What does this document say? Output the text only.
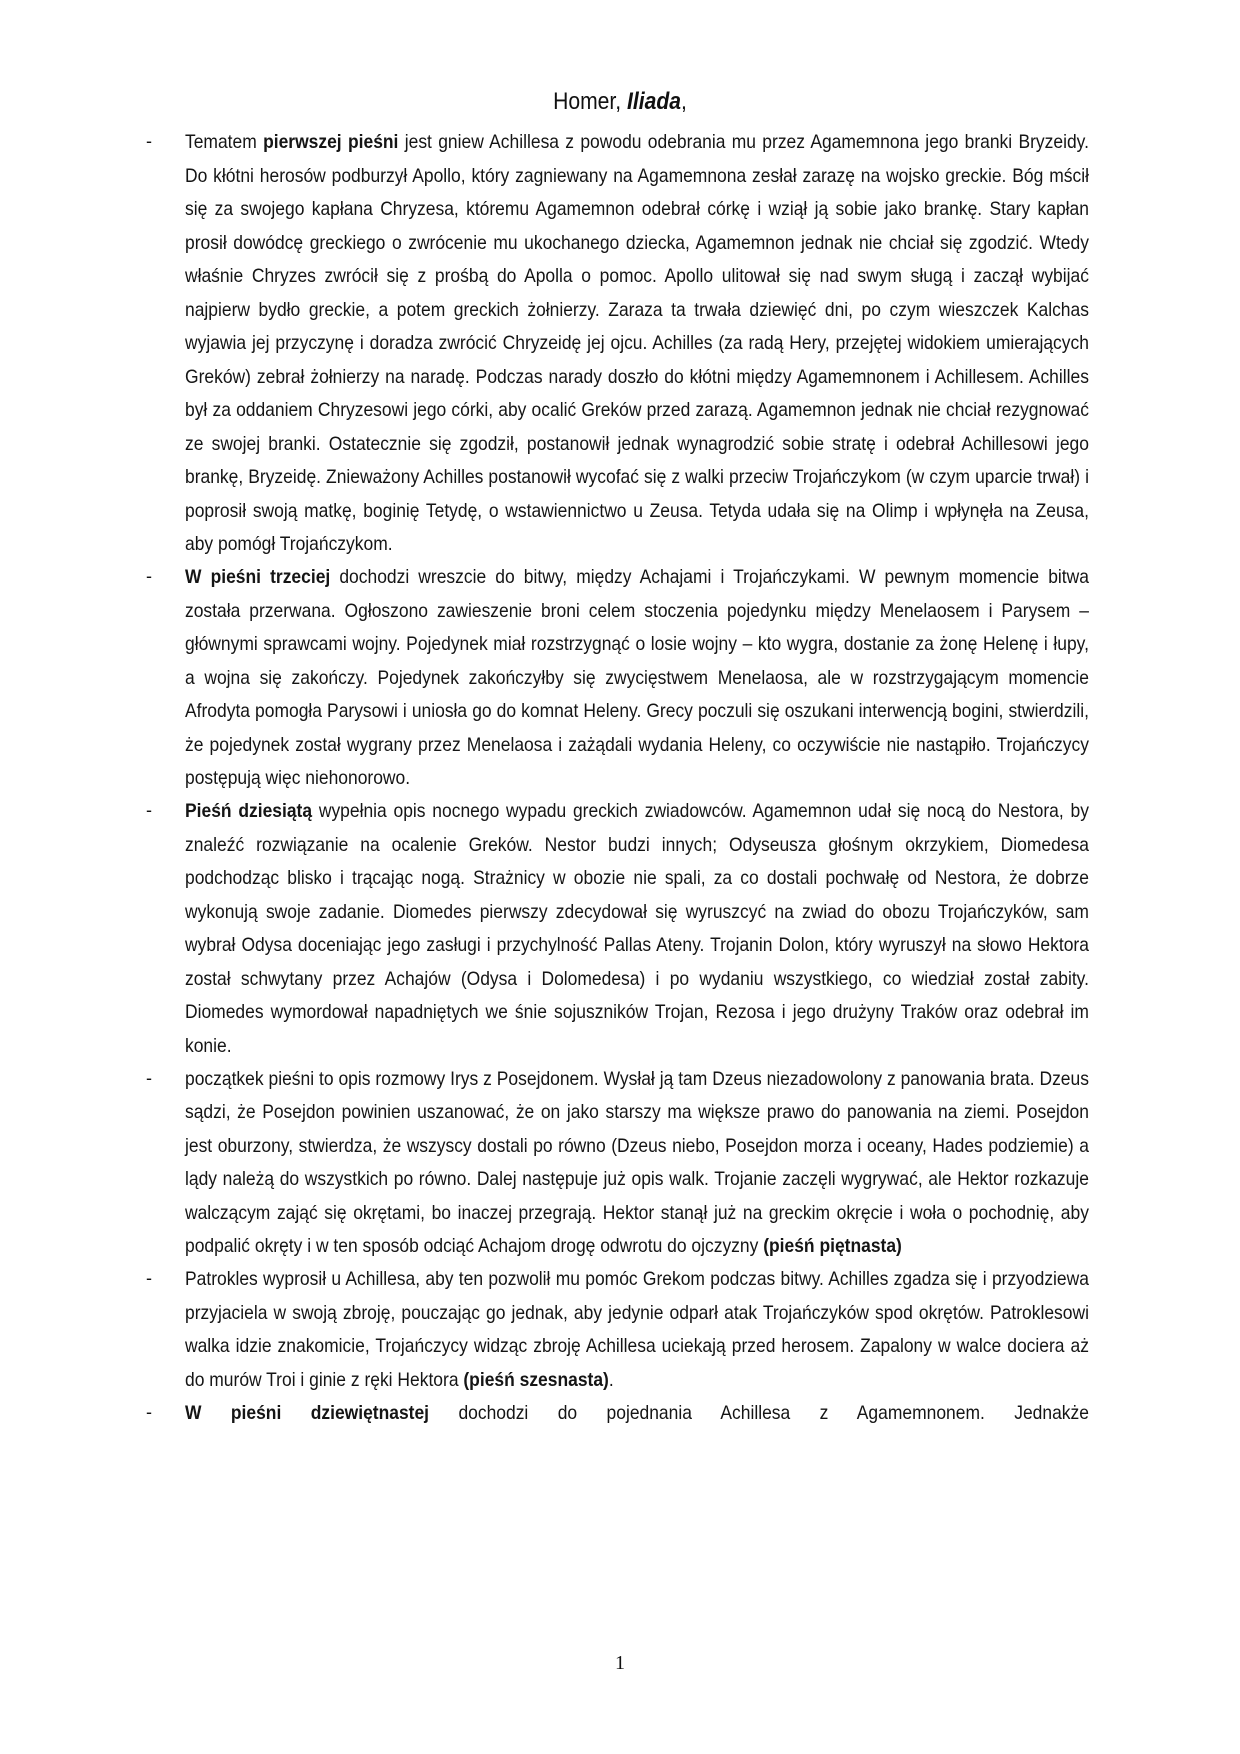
Homer, Iliada,
- Tematem pierwszej pieśni jest gniew Achillesa z powodu odebrania mu przez Agamemnona jego branki Bryzeidy. Do kłótni herosów podburzył Apollo, który zagniewany na Agamemnona zesłał zarazę na wojsko greckie. Bóg mścił się za swojego kapłana Chryzesa, któremu Agamemnon odebrał córkę i wziął ją sobie jako brankę. Stary kapłan prosił dowódcę greckiego o zwrócenie mu ukochanego dziecka, Agamemnon jednak nie chciał się zgodzić. Wtedy właśnie Chryzes zwrócił się z prośbą do Apolla o pomoc. Apollo ulitował się nad swym sługą i zaczął wybijać najpierw bydło greckie, a potem greckich żołnierzy. Zaraza ta trwała dziewięć dni, po czym wieszczek Kalchas wyjawia jej przyczynę i doradza zwrócić Chryzeidę jej ojcu. Achilles (za radą Hery, przejętej widokiem umierających Greków) zebrał żołnierzy na naradę. Podczas narady doszło do kłótni między Agamemnonem i Achillesem. Achilles był za oddaniem Chryzesowi jego córki, aby ocalić Greków przed zarazą. Agamemnon jednak nie chciał rezygnować ze swojej branki. Ostatecznie się zgodził, postanowił jednak wynagrodzić sobie stratę i odebrał Achillesowi jego brankę, Bryzeidę. Znieważony Achilles postanowił wycofać się z walki przeciw Trojańczykom (w czym uparcie trwał) i poprosił swoją matkę, boginię Tetydę, o wstawiennictwo u Zeusa. Tetyda udała się na Olimp i wpłynęła na Zeusa, aby pomógł Trojańczykom.
- W pieśni trzeciej dochodzi wreszcie do bitwy, między Achajami i Trojańczykami. W pewnym momencie bitwa została przerwana. Ogłoszono zawieszenie broni celem stoczenia pojedynku między Menelaosem i Parysem – głównymi sprawcami wojny. Pojedynek miał rozstrzygnąć o losie wojny – kto wygra, dostanie za żonę Helenę i łupy, a wojna się zakończy. Pojedynek zakończyłby się zwycięstwem Menelaosa, ale w rozstrzygającym momencie Afrodyta pomogła Parysowi i uniosła go do komnat Heleny. Grecy poczuli się oszukani interwencją bogini, stwierdzili, że pojedynek został wygrany przez Menelaosa i zażądali wydania Heleny, co oczywiście nie nastąpiło. Trojańczycy postępują więc niehonorowo.
- Pieśń dziesiątą wypełnia opis nocnego wypadu greckich zwiadowców. Agamemnon udał się nocą do Nestora, by znaleźć rozwiązanie na ocalenie Greków. Nestor budzi innych; Odyseusza głośnym okrzykiem, Diomedesa podchodząc blisko i trącając nogą. Strażnicy w obozie nie spali, za co dostali pochwałę od Nestora, że dobrze wykonują swoje zadanie. Diomedes pierwszy zdecydował się wyruszcyć na zwiad do obozu Trojańczyków, sam wybrał Odysa doceniając jego zasługi i przychylność Pallas Ateny. Trojanin Dolon, który wyruszył na słowo Hektora został schwytany przez Achajów (Odysa i Dolomedesa) i po wydaniu wszystkiego, co wiedział został zabity. Diomedes wymordował napadniętych we śnie sojuszników Trojan, Rezosa i jego drużyny Traków oraz odebrał im konie.
- początkek pieśni to opis rozmowy Irys z Posejdonem. Wysłał ją tam Dzeus niezadowolony z panowania brata. Dzeus sądzi, że Posejdon powinien uszanować, że on jako starszy ma większe prawo do panowania na ziemi. Posejdon jest oburzony, stwierdza, że wszyscy dostali po równo (Dzeus niebo, Posejdon morza i oceany, Hades podziemie) a lądy należą do wszystkich po równo. Dalej następuje już opis walk. Trojanie zaczęli wygrywać, ale Hektor rozkazuje walczącym zająć się okrętami, bo inaczej przegrają. Hektor stanął już na greckim okręcie i woła o pochodnię, aby podpalić okręty i w ten sposób odciąć Achajom drogę odwrotu do ojczyzny (pieśń piętnasta)
- Patrokles wyprosił u Achillesa, aby ten pozwolił mu pomóc Grekom podczas bitwy. Achilles zgadza się i przyodziewa przyjaciela w swoją zbroję, pouczając go jednak, aby jedynie odparł atak Trojańczyków spod okrętów. Patroklesowi walka idzie znakomicie, Trojańczycy widząc zbroję Achillesa uciekają przed herosem. Zapalony w walce dociera aż do murów Troi i ginie z ręki Hektora (pieśń szesnasta).
- W pieśni dziewiętnastej dochodzi do pojednania Achillesa z Agamemnonem. Jednakże
1
